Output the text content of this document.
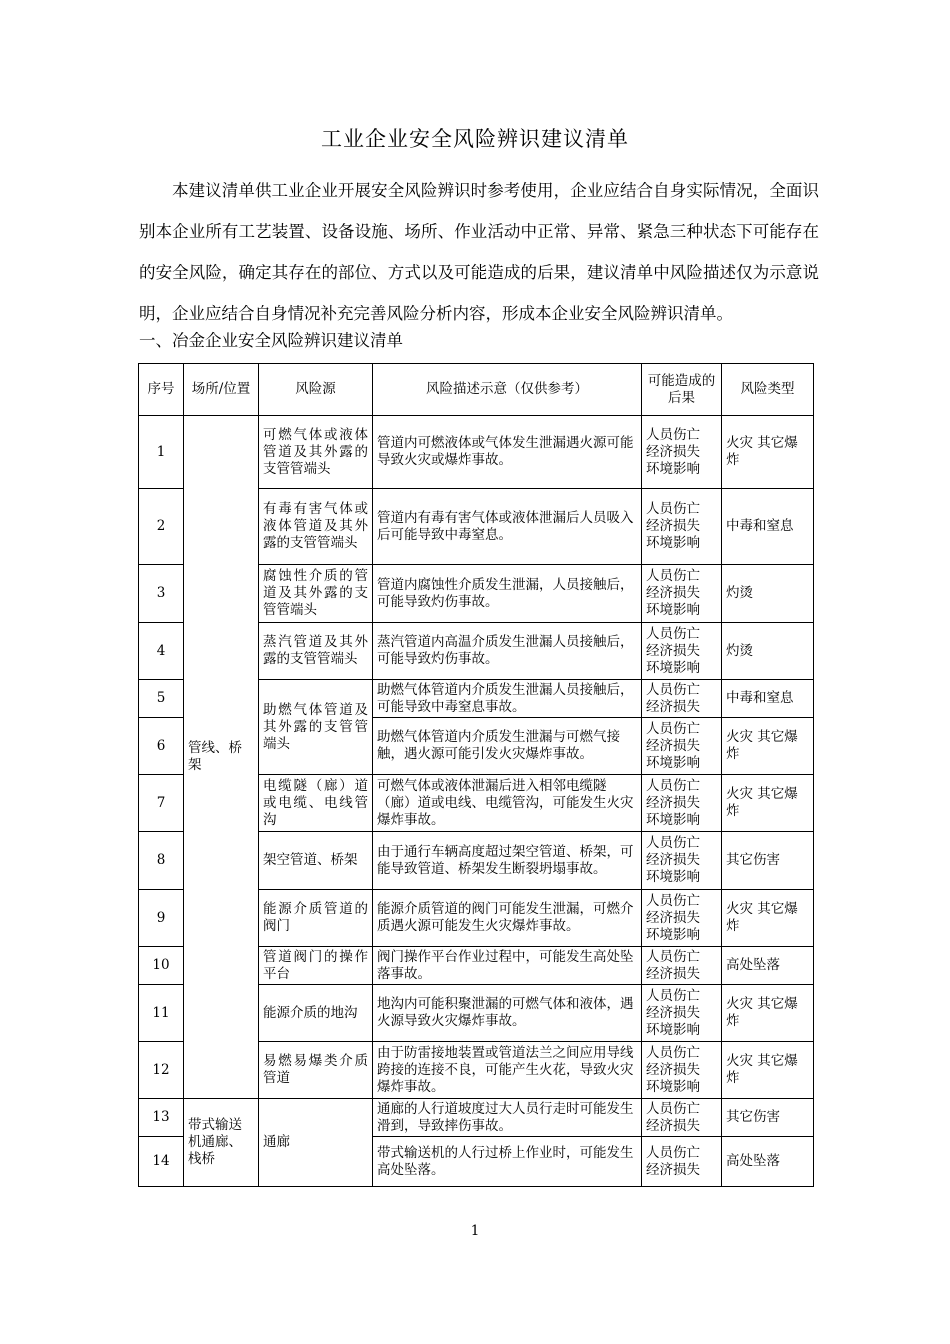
工业企业安全风险辨识建议清单

本建议清单供工业企业开展安全风险辨识时参考使用，企业应结合自身实际情况，全面识别本企业所有工艺装置、设备设施、场所、作业活动中正常、异常、紧急三种状态下可能存在的安全风险，确定其存在的部位、方式以及可能造成的后果，建议清单中风险描述仅为示意说明，企业应结合自身情况补充完善风险分析内容，形成本企业安全风险辨识清单。

一、冶金企业安全风险辨识建议清单
序号	场所/位置	风险源	风险描述示意（仅供参考）	可能造成的后果	风险类型
1	管线、桥架	可燃气体或液体管道及其外露的支管管端头	管道内可燃液体或气体发生泄漏遇火源可能导致火灾或爆炸事故。	人员伤亡 经济损失 环境影响	火灾 其它爆炸
2		有毒有害气体或液体管道及其外露的支管管端头	管道内有毒有害气体或液体泄漏后人员吸入后可能导致中毒窒息。	人员伤亡 经济损失 环境影响	中毒和窒息
3		腐蚀性介质的管道及其外露的支管管端头	管道内腐蚀性介质发生泄漏，人员接触后，可能导致灼伤事故。	人员伤亡 经济损失 环境影响	灼烫
4		蒸汽管道及其外露的支管管端头	蒸汽管道内高温介质发生泄漏人员接触后，可能导致灼伤事故。	人员伤亡 经济损失 环境影响	灼烫
5		助燃气体管道及其外露的支管管端头	助燃气体管道内介质发生泄漏人员接触后，可能导致中毒窒息事故。	人员伤亡 经济损失	中毒和窒息
6			助燃气体管道内介质发生泄漏与可燃气接触，遇火源可能引发火灾爆炸事故。	人员伤亡 经济损失 环境影响	火灾 其它爆炸
7		电缆隧（廊）道或电缆、电线管沟	可燃气体或液体泄漏后进入相邻电缆隧（廊）道或电线、电缆管沟，可能发生火灾爆炸事故。	人员伤亡 经济损失 环境影响	火灾 其它爆炸
8		架空管道、桥架	由于通行车辆高度超过架空管道、桥架，可能导致管道、桥架发生断裂坍塌事故。	人员伤亡 经济损失 环境影响	其它伤害
9		能源介质管道的阀门	能源介质管道的阀门可能发生泄漏，可燃介质遇火源可能发生火灾爆炸事故。	人员伤亡 经济损失 环境影响	火灾 其它爆炸
10		管道阀门的操作平台	阀门操作平台作业过程中，可能发生高处坠落事故。	人员伤亡 经济损失	高处坠落
11		能源介质的地沟	地沟内可能积聚泄漏的可燃气体和液体，遇火源导致火灾爆炸事故。	人员伤亡 经济损失 环境影响	火灾 其它爆炸
12		易燃易爆类介质管道	由于防雷接地装置或管道法兰之间应用导线跨接的连接不良，可能产生火花，导致火灾爆炸事故。	人员伤亡 经济损失 环境影响	火灾 其它爆炸
13	带式输送机通廊、栈桥	通廊	通廊的人行道坡度过大人员行走时可能发生滑到，导致摔伤事故。	人员伤亡 经济损失	其它伤害
14			带式输送机的人行过桥上作业时，可能发生高处坠落。	人员伤亡 经济损失	高处坠落
1
